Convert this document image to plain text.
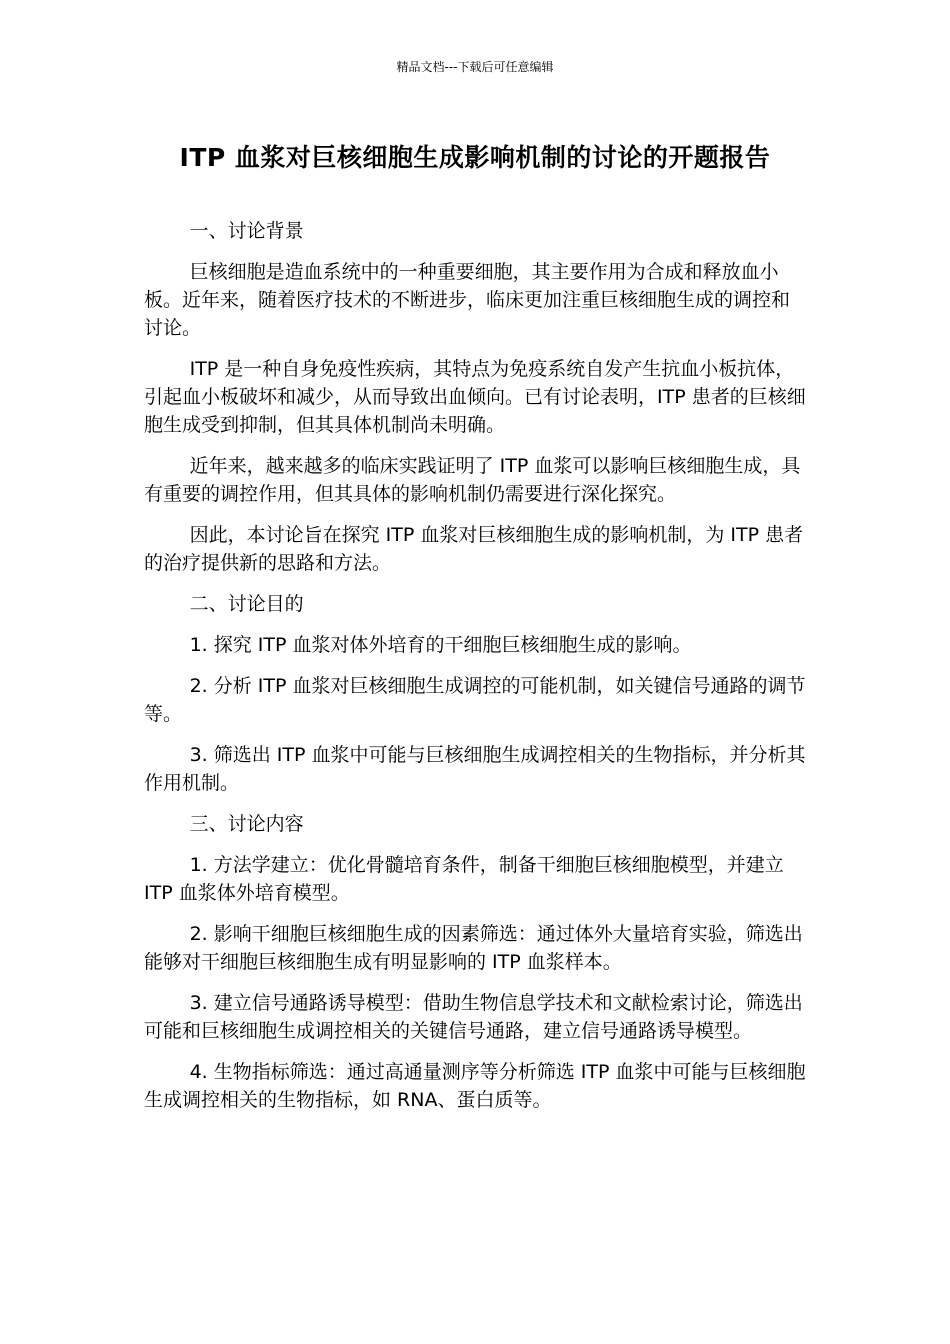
精品文档---下载后可任意编辑
ITP 血浆对巨核细胞生成影响机制的讨论的开题报告

一、讨论背景

巨核细胞是造血系统中的一种重要细胞，其主要作用为合成和释放血小板。近年来，随着医疗技术的不断进步，临床更加注重巨核细胞生成的调控和讨论。

ITP 是一种自身免疫性疾病，其特点为免疫系统自发产生抗血小板抗体，引起血小板破坏和减少，从而导致出血倾向。已有讨论表明，ITP 患者的巨核细胞生成受到抑制，但其具体机制尚未明确。

近年来，越来越多的临床实践证明了 ITP 血浆可以影响巨核细胞生成，具有重要的调控作用，但其具体的影响机制仍需要进行深化探究。

因此，本讨论旨在探究 ITP 血浆对巨核细胞生成的影响机制，为 ITP 患者的治疗提供新的思路和方法。

二、讨论目的

1. 探究 ITP 血浆对体外培育的干细胞巨核细胞生成的影响。

2. 分析 ITP 血浆对巨核细胞生成调控的可能机制，如关键信号通路的调节等。

3. 筛选出 ITP 血浆中可能与巨核细胞生成调控相关的生物指标，并分析其作用机制。

三、讨论内容

1. 方法学建立：优化骨髓培育条件，制备干细胞巨核细胞模型，并建立 ITP 血浆体外培育模型。

2. 影响干细胞巨核细胞生成的因素筛选：通过体外大量培育实验，筛选出能够对干细胞巨核细胞生成有明显影响的 ITP 血浆样本。

3. 建立信号通路诱导模型：借助生物信息学技术和文献检索讨论，筛选出可能和巨核细胞生成调控相关的关键信号通路，建立信号通路诱导模型。

4. 生物指标筛选：通过高通量测序等分析筛选 ITP 血浆中可能与巨核细胞生成调控相关的生物指标，如 RNA、蛋白质等。
